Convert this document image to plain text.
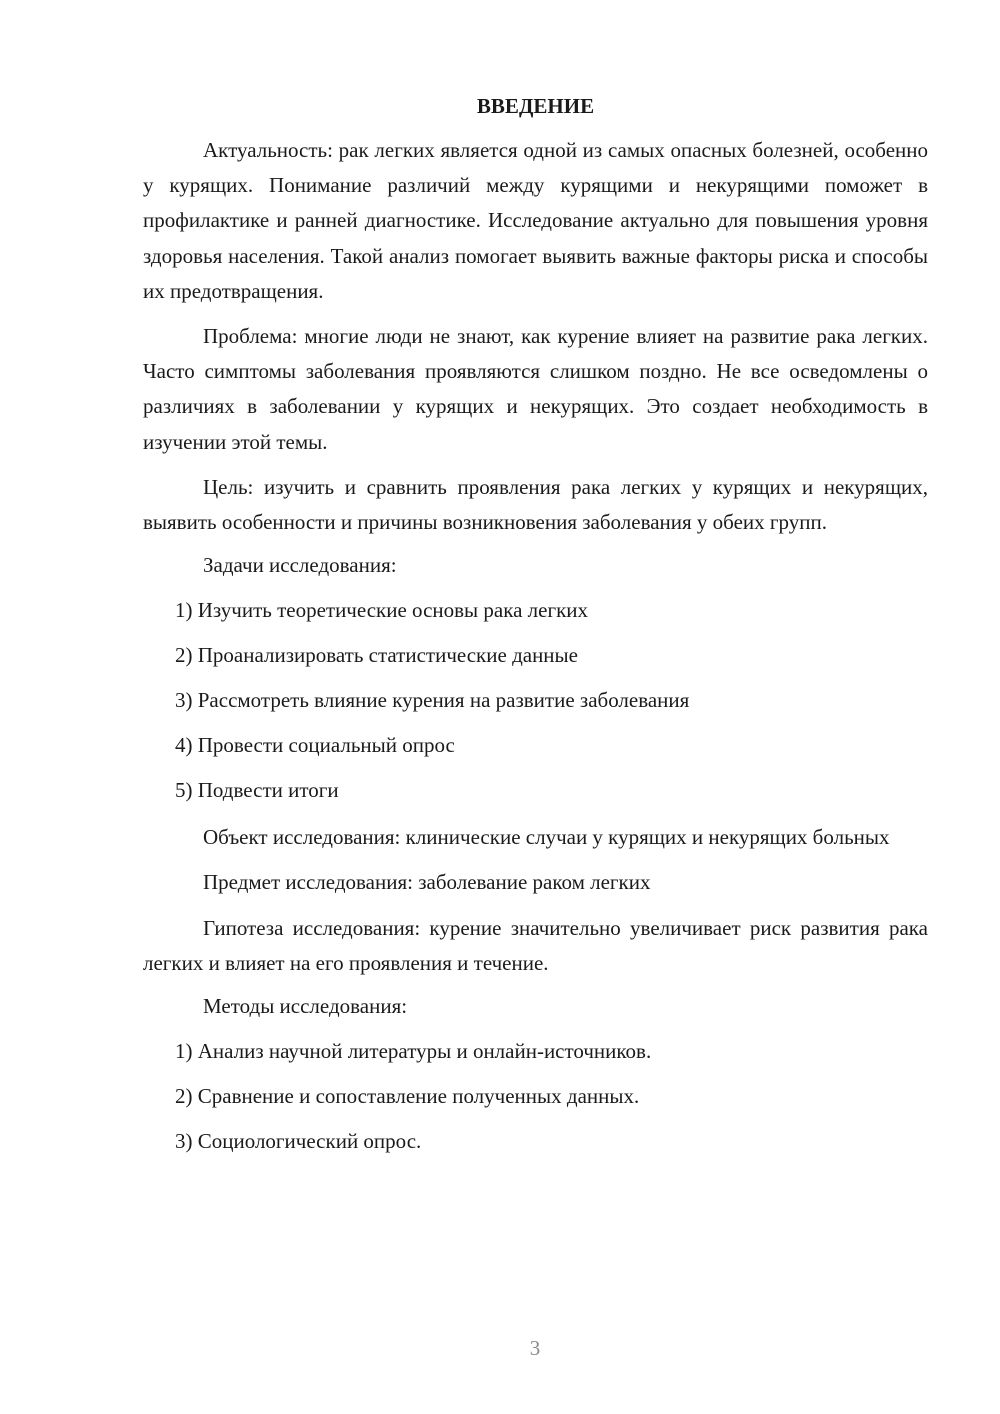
ВВЕДЕНИЕ

Актуальность: рак легких является одной из самых опасных болезней, особенно у курящих. Понимание различий между курящими и некурящими поможет в профилактике и ранней диагностике. Исследование актуально для повышения уровня здоровья населения. Такой анализ помогает выявить важные факторы риска и способы их предотвращения.

Проблема: многие люди не знают, как курение влияет на развитие рака легких. Часто симптомы заболевания проявляются слишком поздно. Не все осведомлены о различиях в заболевании у курящих и некурящих. Это создает необходимость в изучении этой темы.

Цель: изучить и сравнить проявления рака легких у курящих и некурящих, выявить особенности и причины возникновения заболевания у обеих групп.

Задачи исследования:
1) Изучить теоретические основы рака легких
2) Проанализировать статистические данные
3) Рассмотреть влияние курения на развитие заболевания
4) Провести социальный опрос
5) Подвести итоги

Объект исследования: клинические случаи у курящих и некурящих больных

Предмет исследования: заболевание раком легких

Гипотеза исследования: курение значительно увеличивает риск развития рака легких и влияет на его проявления и течение.

Методы исследования:
1) Анализ научной литературы и онлайн-источников.
2) Сравнение и сопоставление полученных данных.
3) Социологический опрос.
3
